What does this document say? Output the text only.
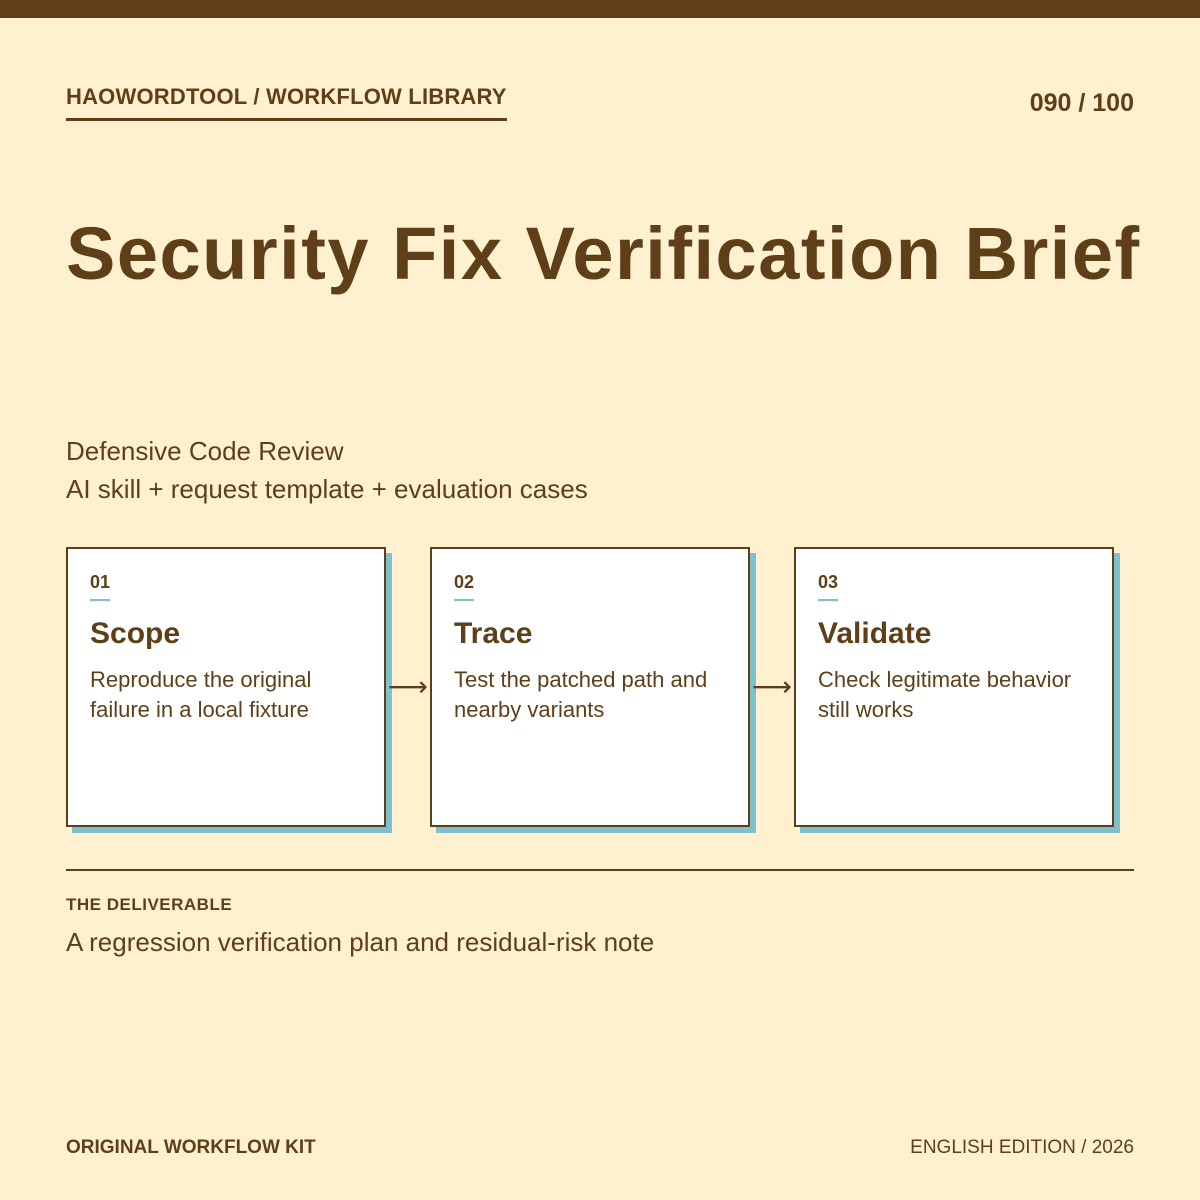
HAOWORDTOOL / WORKFLOW LIBRARY	090 / 100
Security Fix Verification Brief
Defensive Code Review
AI skill + request template + evaluation cases
01
Scope
Reproduce the original failure in a local fixture
⟶
02
Trace
Test the patched path and nearby variants
⟶
03
Validate
Check legitimate behavior still works
THE DELIVERABLE
A regression verification plan and residual-risk note
ORIGINAL WORKFLOW KIT	ENGLISH EDITION / 2026
